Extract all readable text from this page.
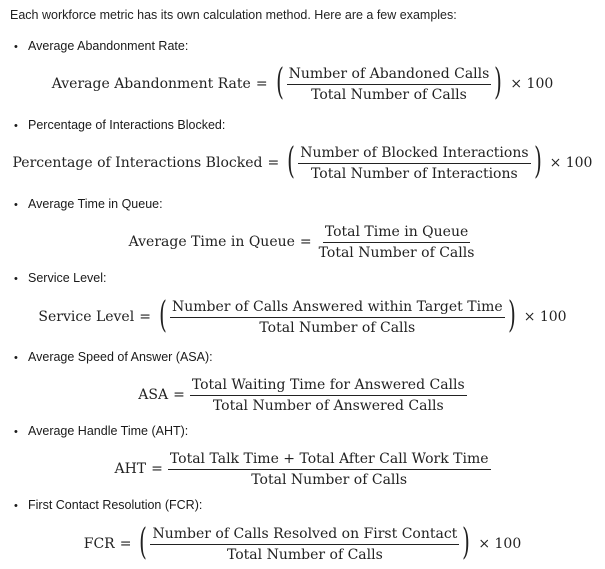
Each workforce metric has its own calculation method. Here are a few examples:
• Average Abandonment Rate:
Average Abandonment Rate = ( $\frac{\text{Number of Abandoned Calls}}{\text{Total Number of Calls}}$ ) × 100
• Percentage of Interactions Blocked:
Percentage of Interactions Blocked = ( $\frac{\text{Number of Blocked Interactions}}{\text{Total Number of Interactions}}$ ) × 100
• Average Time in Queue:
Average Time in Queue = $\frac{\text{Total Time in Queue}}{\text{Total Number of Calls}}$
• Service Level:
Service Level = ( $\frac{\text{Number of Calls Answered within Target Time}}{\text{Total Number of Calls}}$ ) × 100
• Average Speed of Answer (ASA):
ASA = $\frac{\text{Total Waiting Time for Answered Calls}}{\text{Total Number of Answered Calls}}$
• Average Handle Time (AHT):
AHT = $\frac{\text{Total Talk Time + Total After Call Work Time}}{\text{Total Number of Calls}}$
• First Contact Resolution (FCR):
FCR = ( $\frac{\text{Number of Calls Resolved on First Contact}}{\text{Total Number of Calls}}$ ) × 100
